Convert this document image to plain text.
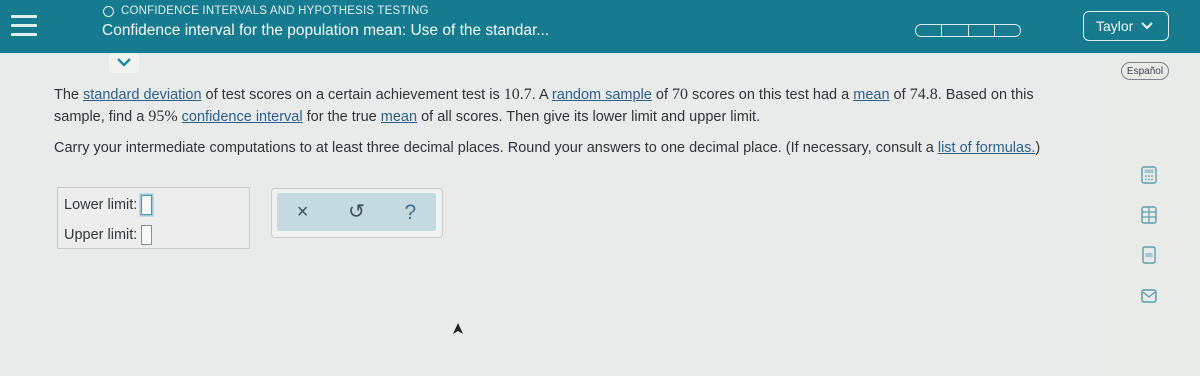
CONFIDENCE INTERVALS AND HYPOTHESIS TESTING
Confidence interval for the population mean: Use of the standar...	Taylor

The standard deviation of test scores on a certain achievement test is 10.7. A random sample of 70 scores on this test had a mean of 74.8. Based on this sample, find a 95% confidence interval for the true mean of all scores. Then give its lower limit and upper limit.

Carry your intermediate computations to at least three decimal places. Round your answers to one decimal place. (If necessary, consult a list of formulas.)

Lower limit:
Upper limit:
× ↺ ?
Español
